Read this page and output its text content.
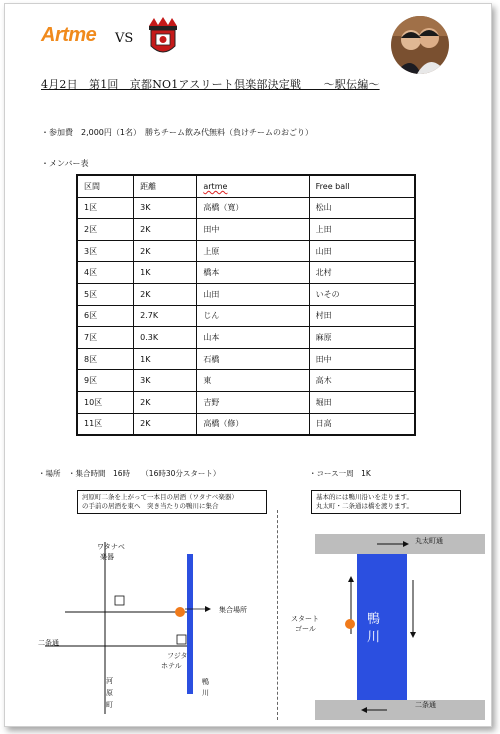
Artme VS
4月2日　第1回　京都NO1アスリート倶楽部決定戦　　～駅伝編～
・参加費　2,000円（1名）　勝ちチーム飲み代無料（負けチームのおごり）
・メンバー表
区間	距離	artme	Free ball
1区	3K	高橋（寛）	松山
2区	2K	田中	上田
3区	2K	上原	山田
4区	1K	橋本	北村
5区	2K	山田	いその
6区	2.7K	じん	村田
7区	0.3K	山本	麻原
8区	1K	石橋	田中
9区	3K	東	高木
10区	2K	吉野	堀田
11区	2K	高橋（修）	日高
・場所　・集合時間　16時　　（16時30分スタート）	・コース一周　1K
河原町二条を上がって一本目の居酒（ワタナベ楽器）
の手前の居酒を東へ　突き当たりの鴨川に集合
基本的には鴨川沿いを走ります。
丸太町・二条通は橋を渡ります。
ワタナベ
楽器
集合場所
二条通
フジタ
ホテル
鴨
川
河
原
町
丸太町通
二条通
スタート
ゴール
鴨
川
